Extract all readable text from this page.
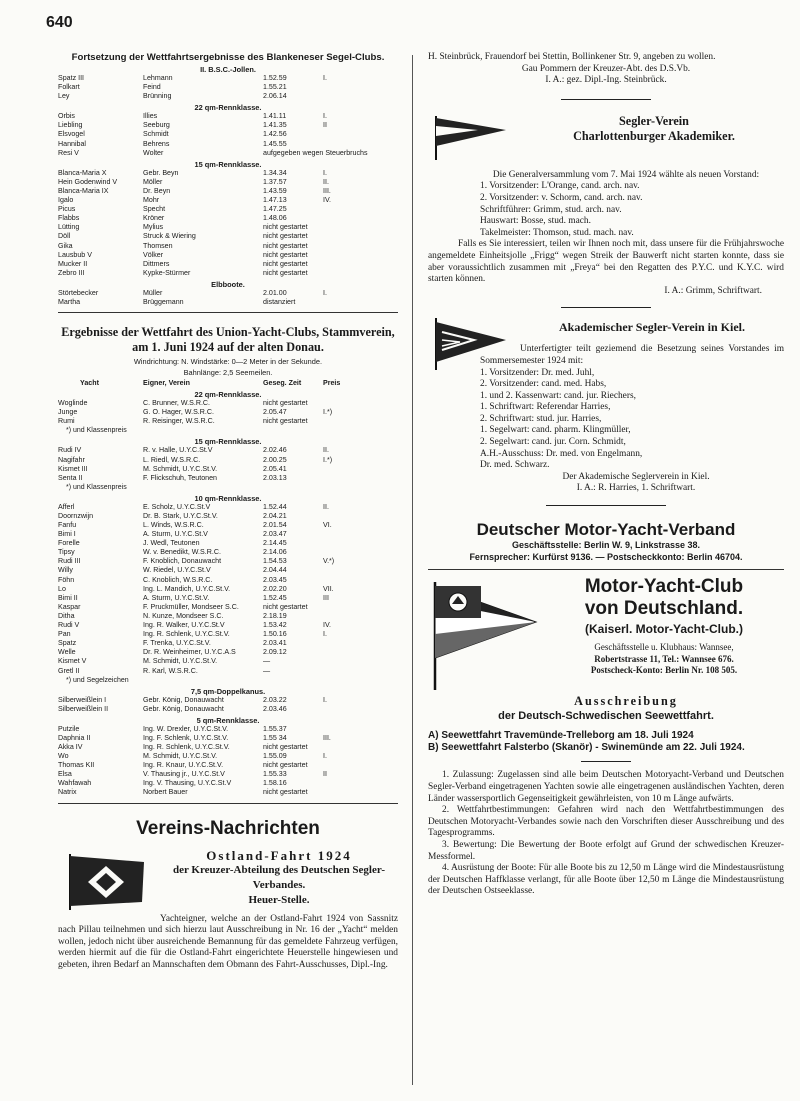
640
Fortsetzung der Wettfahrtsergebnisse des Blankeneser Segel-Clubs.
II. B.S.C.-Jollen.
Spatz III	Lehmann	1.52.59	I.
Folkart	Feind	1.55.21
Ley	Brünning	2.06.14
22 qm-Rennklasse.
Orbis	Illies	1.41.11	I.
Liebling	Seeburg	1.41.35	II
Elsvogel	Schmidt	1.42.56
Hannibal	Behrens	1.45.55
Resi V	Wolter	aufgegeben wegen Steuerbruchs
15 qm-Rennklasse.
Blanca-Maria X	Gebr. Beyn	1.34.34	I.
Hein Godenwind V	Möller	1.37.57	II.
Blanca-Maria IX	Dr. Beyn	1.43.59	III.
Igalo	Mohr	1.47.13	IV.
Picus	Specht	1.47.25
Flabbs	Kröner	1.48.06
Lütting	Mylius	nicht gestartet
Döll	Struck & Wiering	nicht gestartet
Gika	Thomsen	nicht gestartet
Lausbub V	Völker	nicht gestartet
Mucker II	Dittmers	nicht gestartet
Zebro III	Kypke-Stürmer	nicht gestartet
Elbboote.
Störtebecker	Müller	2.01.00	I.
Martha	Brüggemann	distanziert
Ergebnisse der Wettfahrt des Union-Yacht-Clubs, Stammverein, am 1. Juni 1924 auf der alten Donau.
Windrichtung: N. Windstärke: 0—2 Meter in der Sekunde.
Bahnlänge: 2,5 Seemeilen.
Yacht	Eigner, Verein	Geseg. Zeit	Preis
22 qm-Rennklasse.
Woglinde	C. Brunner, W.S.R.C.	nicht gestartet
Junge	G. O. Hager, W.S.R.C.	2.05.47	I.*)
Rumi	R. Reisinger, W.S.R.C.	nicht gestartet
*) und Klassenpreis
15 qm-Rennklasse.
Rudi IV	R. v. Halle, U.Y.C.St.V	2.02.46	II.
Nagifahr	L. Riedl, W.S.R.C.	2.00.25	I.*)
Kismet III	M. Schmidt, U.Y.C.St.V.	2.05.41
Senta II	F. Flickschuh, Teutonen	2.03.13
*) und Klassenpreis
10 qm-Rennklasse.
Afferl	E. Scholz, U.Y.C.St.V	1.52.44	II.
Doornzwijn	Dr. B. Stark, U.Y.C.St.V.	2.04.21
Fanfu	L. Winds, W.S.R.C.	2.01.54	VI.
Bimi I	A. Sturm, U.Y.C.St.V	2.03.47
Forelle	J. Wedl, Teutonen	2.14.45
Tipsy	W. v. Benedikt, W.S.R.C.	2.14.06
Rudi III	F. Knoblich, Donauwacht	1.54.53	V.*)
Willy	W. Riedel, U.Y.C.St.V	2.04.44
Föhn	C. Knoblich, W.S.R.C.	2.03.45
Lo	Ing. L. Mandich, U.Y.C.St.V.	2.02.20	VII.
Bimi II	A. Sturm, U.Y.C.St.V.	1.52.45	III
Kaspar	F. Pruckmüller, Mondseer S.C.	nicht gestartet
Ditha	N. Kunze, Mondseer S.C.	2.18.19
Rudi V	Ing. R. Walker, U.Y.C.St.V	1.53.42	IV.
Pan	Ing. R. Schlenk, U.Y.C.St.V.	1.50.16	I.
Spatz	F. Trenka, U.Y.C.St.V.	2.03.41
Welle	Dr. R. Weinheimer, U.Y.C.A.S	2.09.12
Kismet V	M. Schmidt, U.Y.C.St.V.	—
Gretl II	R. Karl, W.S.R.C.	—
*) und Segelzeichen
7,5 qm-Doppelkanus.
Silberweißlein I	Gebr. König, Donauwacht	2.03.22	I.
Silberweißlein II	Gebr. König, Donauwacht	2.03.46
5 qm-Rennklasse.
Putzile	Ing. W. Drexler, U.Y.C.St.V.	1.55.37
Daphnia II	Ing. F. Schlenk, U.Y.C.St.V.	1.55 34	III.
Akka IV	Ing. R. Schlenk, U.Y.C.St.V.	nicht gestartet
Wo	M. Schmidt, U.Y.C.St.V.	1.55.09	I.
Thomas KII	Ing. R. Knaur, U.Y.C.St.V.	nicht gestartet
Elsa	V. Thausing jr., U.Y.C.St.V	1.55.33	II
Wahfawah	Ing. V. Thausing, U.Y.C.St.V	1.58.16
Natrix	Norbert Bauer	nicht gestartet
Vereins-Nachrichten
Ostland-Fahrt 1924
der Kreuzer-Abteilung des Deutschen Segler-Verbandes.
Heuer-Stelle.
Yachteigner, welche an der Ostland-Fahrt 1924 von Sassnitz nach Pillau teilnehmen und sich hierzu laut Ausschreibung in Nr. 16 der „Yacht“ melden wollen, jedoch nicht über ausreichende Bemannung für das gemeldete Fahrzeug verfügen, werden hiermit auf die für die Ostland-Fahrt eingerichtete Heuerstelle hingewiesen und gebeten, ihren Bedarf an Mannschaften dem Obmann des Fahrt-Ausschusses, Dipl.-Ing.
H. Steinbrück, Frauendorf bei Stettin, Bollinkener Str. 9, angeben zu wollen.
Gau Pommern der Kreuzer-Abt. des D.S.Vb.
I. A.: gez. Dipl.-Ing. Steinbrück.
Segler-Verein
Charlottenburger Akademiker.
Die Generalversammlung vom 7. Mai 1924 wählte als neuen Vorstand:
1. Vorsitzender: L'Orange, cand. arch. nav.
2. Vorsitzender: v. Schorm, cand. arch. nav.
Schriftführer: Grimm, stud. arch. nav.
Hauswart: Bosse, stud. mach.
Takelmeister: Thomson, stud. mach. nav.
Falls es Sie interessiert, teilen wir Ihnen noch mit, dass unsere für die Frühjahrswoche angemeldete Einheitsjolle „Frigg“ wegen Streik der Bauwerft nicht starten konnte, dass sie aber voraussichtlich zusammen mit „Freya“ bei den Regatten des P.Y.C. und K.Y.C. wird starten können.
I. A.: Grimm, Schriftwart.
Akademischer Segler-Verein in Kiel.
Unterfertigter teilt geziemend die Besetzung seines Vorstandes im Sommersemester 1924 mit:
1. Vorsitzender: Dr. med. Juhl,
2. Vorsitzender: cand. med. Habs,
1. und 2. Kassenwart: cand. jur. Riechers,
1. Schriftwart: Referendar Harries,
2. Schriftwart: stud. jur. Harries,
1. Segelwart: cand. pharm. Klingmüller,
2. Segelwart: cand. jur. Corn. Schmidt,
A.H.-Ausschuss: Dr. med. von Engelmann,
Dr. med. Schwarz.
Der Akademische Seglerverein in Kiel.
I. A.: R. Harries, 1. Schriftwart.
Deutscher Motor-Yacht-Verband
Geschäftsstelle: Berlin W. 9, Linkstrasse 38.
Fernsprecher: Kurfürst 9136. — Postscheckkonto: Berlin 46704.
Motor-Yacht-Club
von Deutschland.
(Kaiserl. Motor-Yacht-Club.)
Geschäftsstelle u. Klubhaus: Wannsee,
Robertstrasse 11, Tel.: Wannsee 676.
Postscheck-Konto: Berlin Nr. 108 505.
Ausschreibung
der Deutsch-Schwedischen Seewettfahrt.
A) Seewettfahrt Travemünde-Trelleborg am 18. Juli 1924
B) Seewettfahrt Falsterbo (Skanör) - Swinemünde am 22. Juli 1924.
1. Zulassung: Zugelassen sind alle beim Deutschen Motoryacht-Verband und Deutschen Segler-Verband eingetragenen Yachten sowie alle eingetragenen ausländischen Yachten, deren Länder wassersportlich Gegenseitigkeit gewährleisten, von 10 m Länge aufwärts.
2. Wettfahrtbestimmungen: Gefahren wird nach den Wettfahrtbestimmungen des Deutschen Motoryacht-Verbandes sowie nach den Vorschriften dieser Ausschreibung und des Tagesprogramms.
3. Bewertung: Die Bewertung der Boote erfolgt auf Grund der schwedischen Kreuzer-Messformel.
4. Ausrüstung der Boote: Für alle Boote bis zu 12,50 m Länge wird die Mindestausrüstung der Deutschen Haffklasse verlangt, für alle Boote über 12,50 m Länge die Mindestausrüstung der Deutschen Ostseeklasse.
